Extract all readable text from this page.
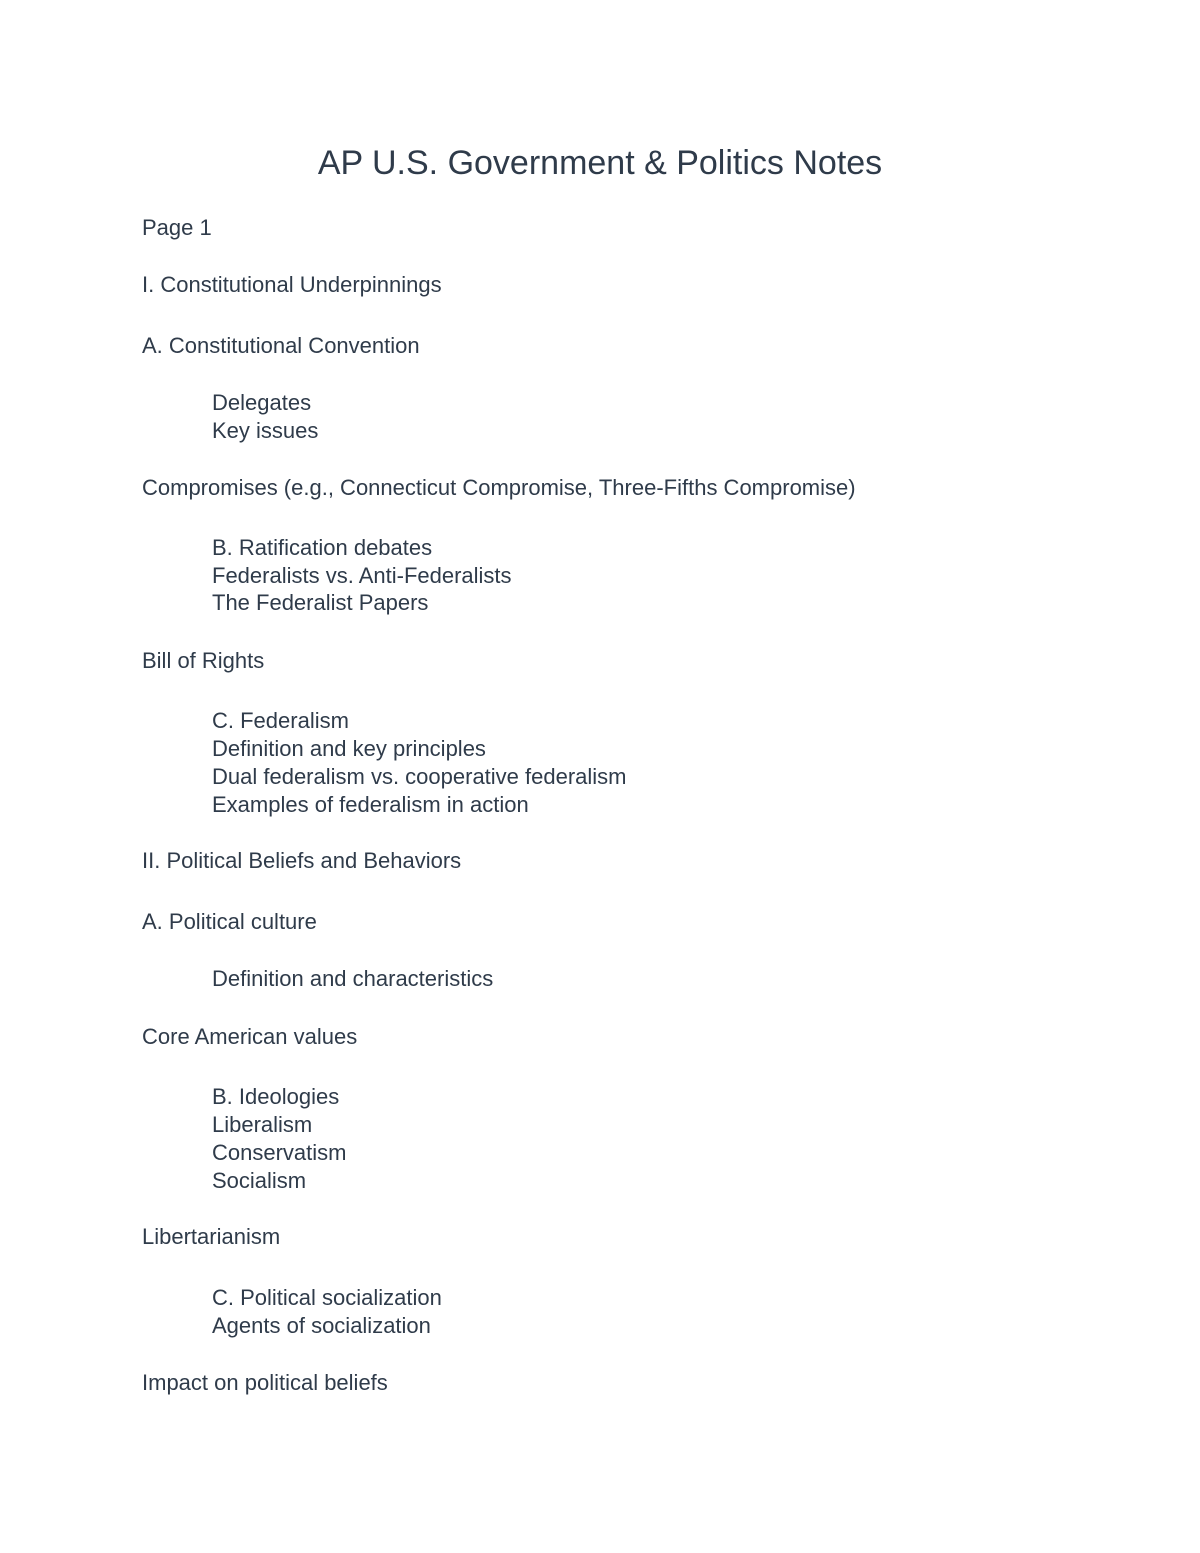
AP U.S. Government & Politics Notes
Page 1
I. Constitutional Underpinnings
A. Constitutional Convention
Delegates
Key issues
Compromises (e.g., Connecticut Compromise, Three-Fifths Compromise)
B. Ratification debates
Federalists vs. Anti-Federalists
The Federalist Papers
Bill of Rights
C. Federalism
Definition and key principles
Dual federalism vs. cooperative federalism
Examples of federalism in action
II. Political Beliefs and Behaviors
A. Political culture
Definition and characteristics
Core American values
B. Ideologies
Liberalism
Conservatism
Socialism
Libertarianism
C. Political socialization
Agents of socialization
Impact on political beliefs
